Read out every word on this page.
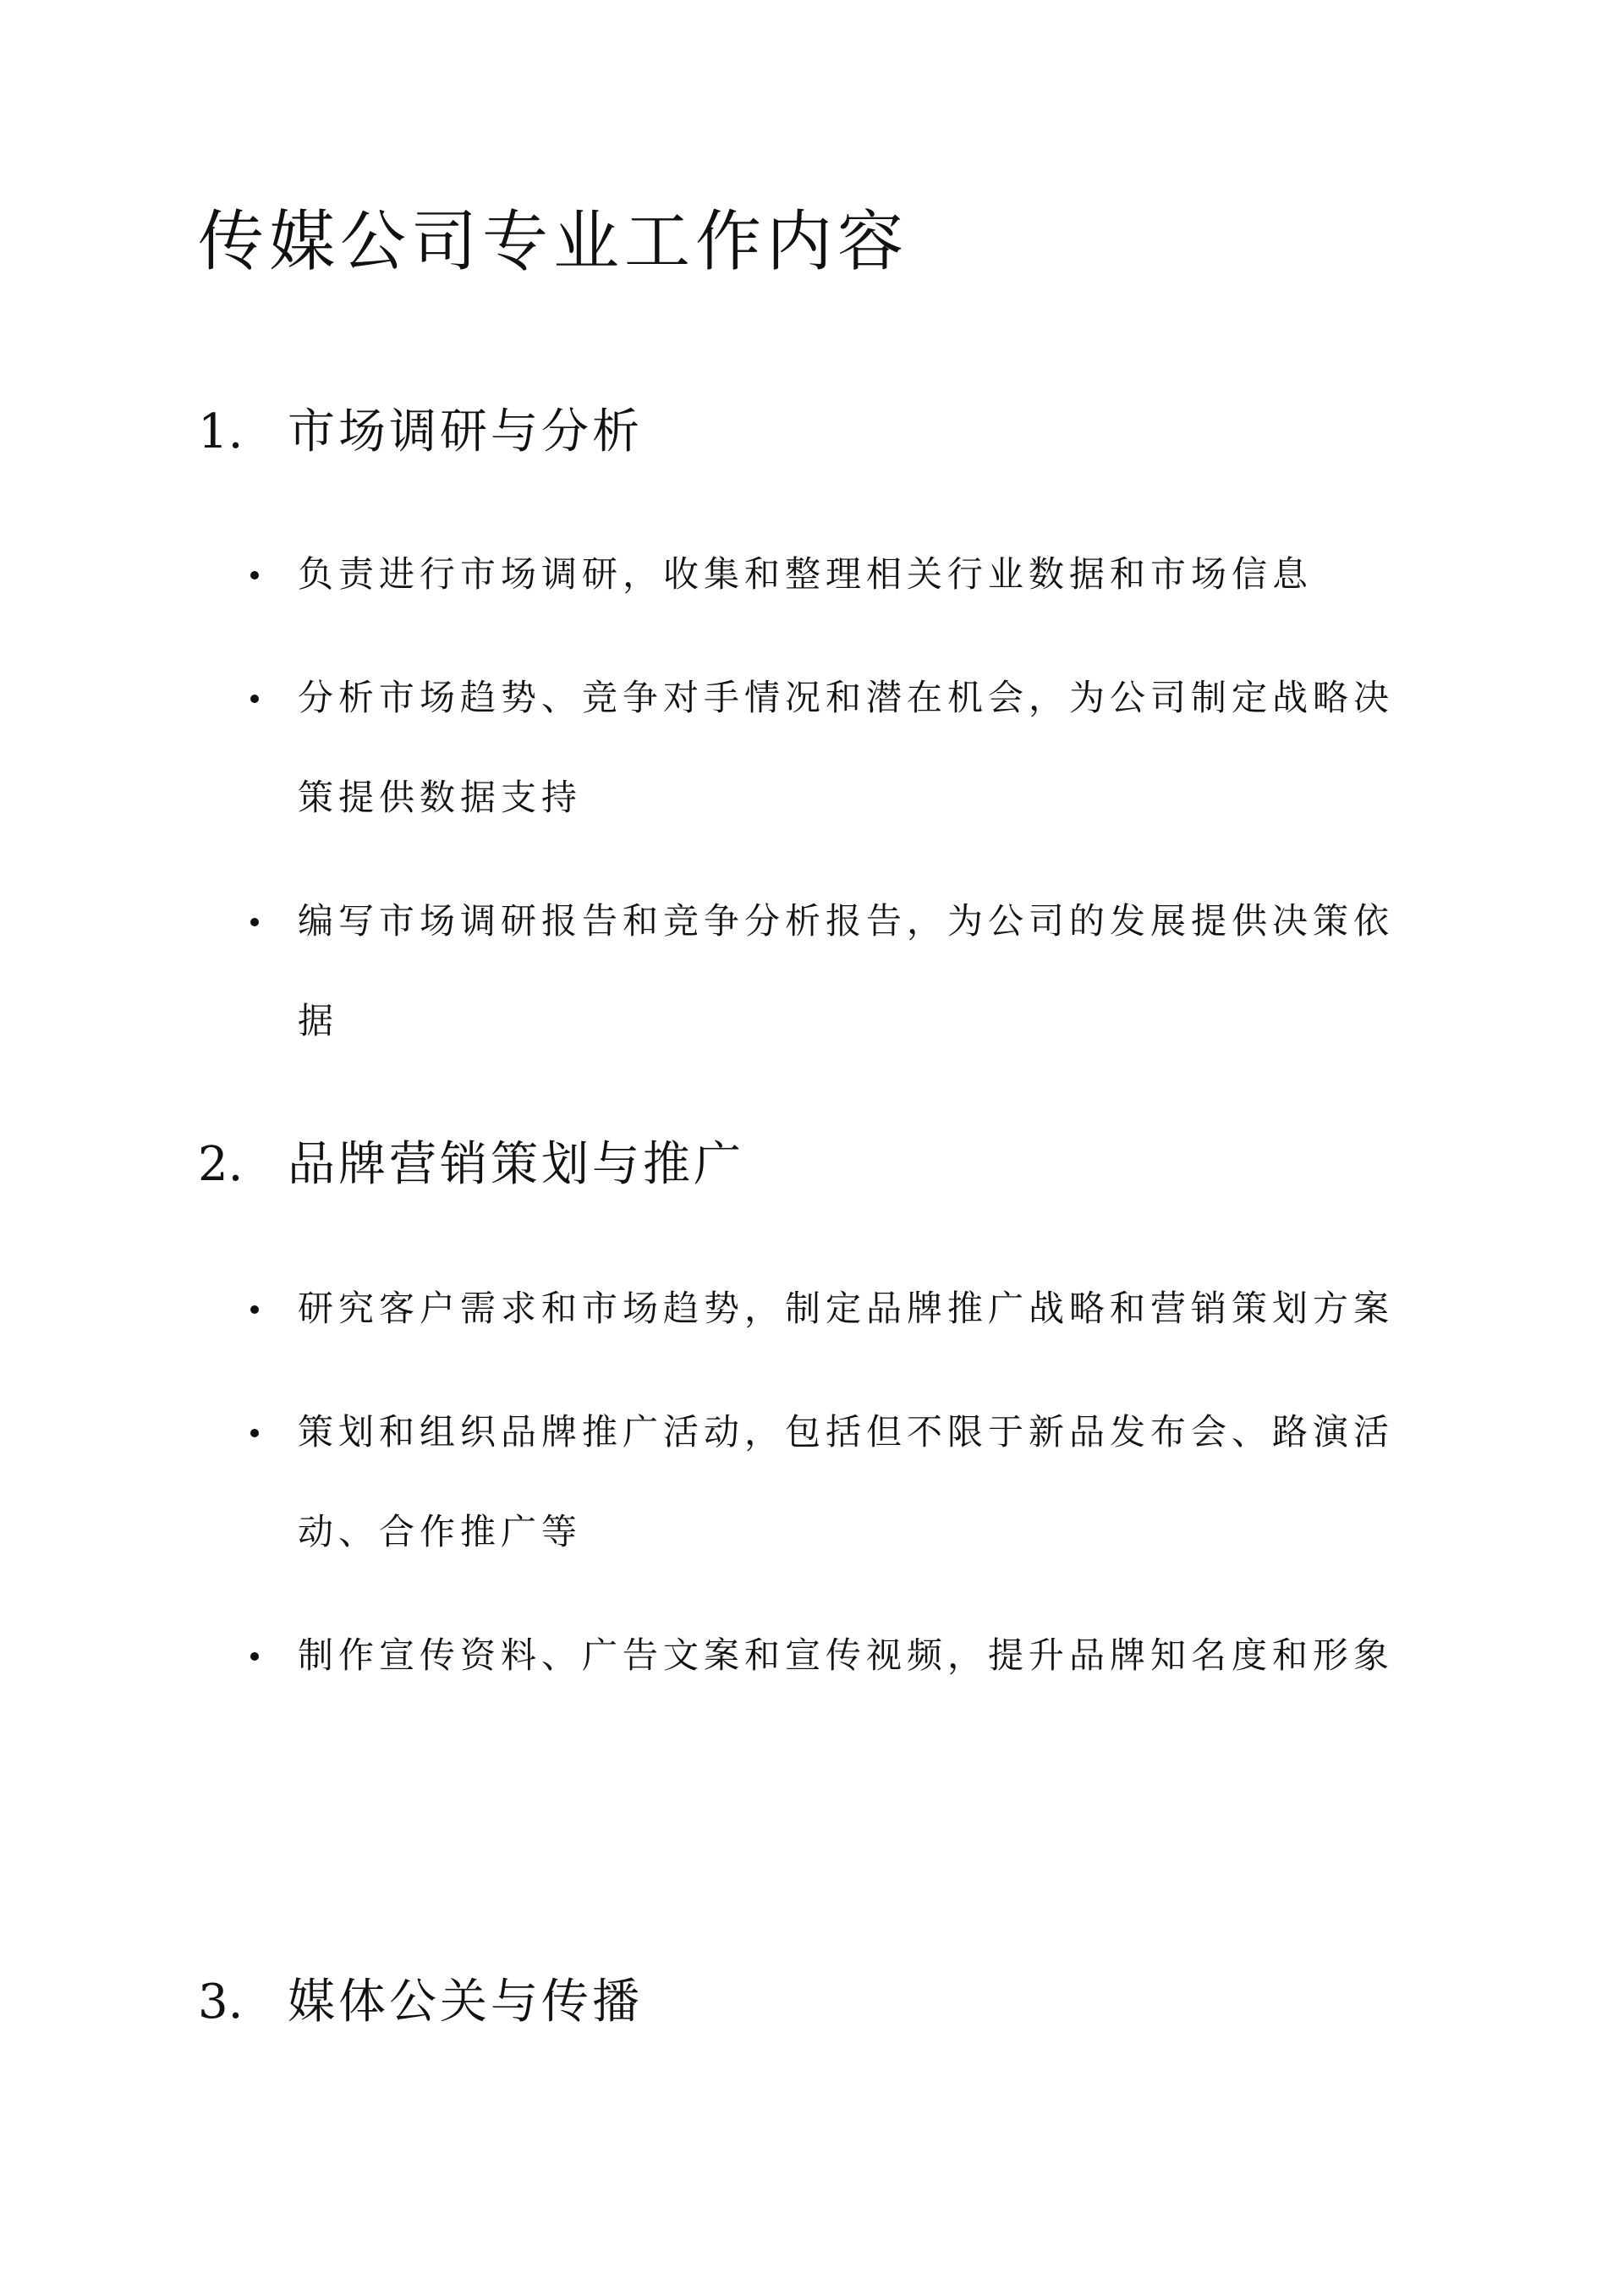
传媒公司专业工作内容
1. 市场调研与分析
负责进行市场调研，收集和整理相关行业数据和市场信息
分析市场趋势、竞争对手情况和潜在机会，为公司制定战略决策提供数据支持
编写市场调研报告和竞争分析报告，为公司的发展提供决策依据
2. 品牌营销策划与推广
研究客户需求和市场趋势，制定品牌推广战略和营销策划方案
策划和组织品牌推广活动，包括但不限于新品发布会、路演活动、合作推广等
制作宣传资料、广告文案和宣传视频，提升品牌知名度和形象
3. 媒体公关与传播
